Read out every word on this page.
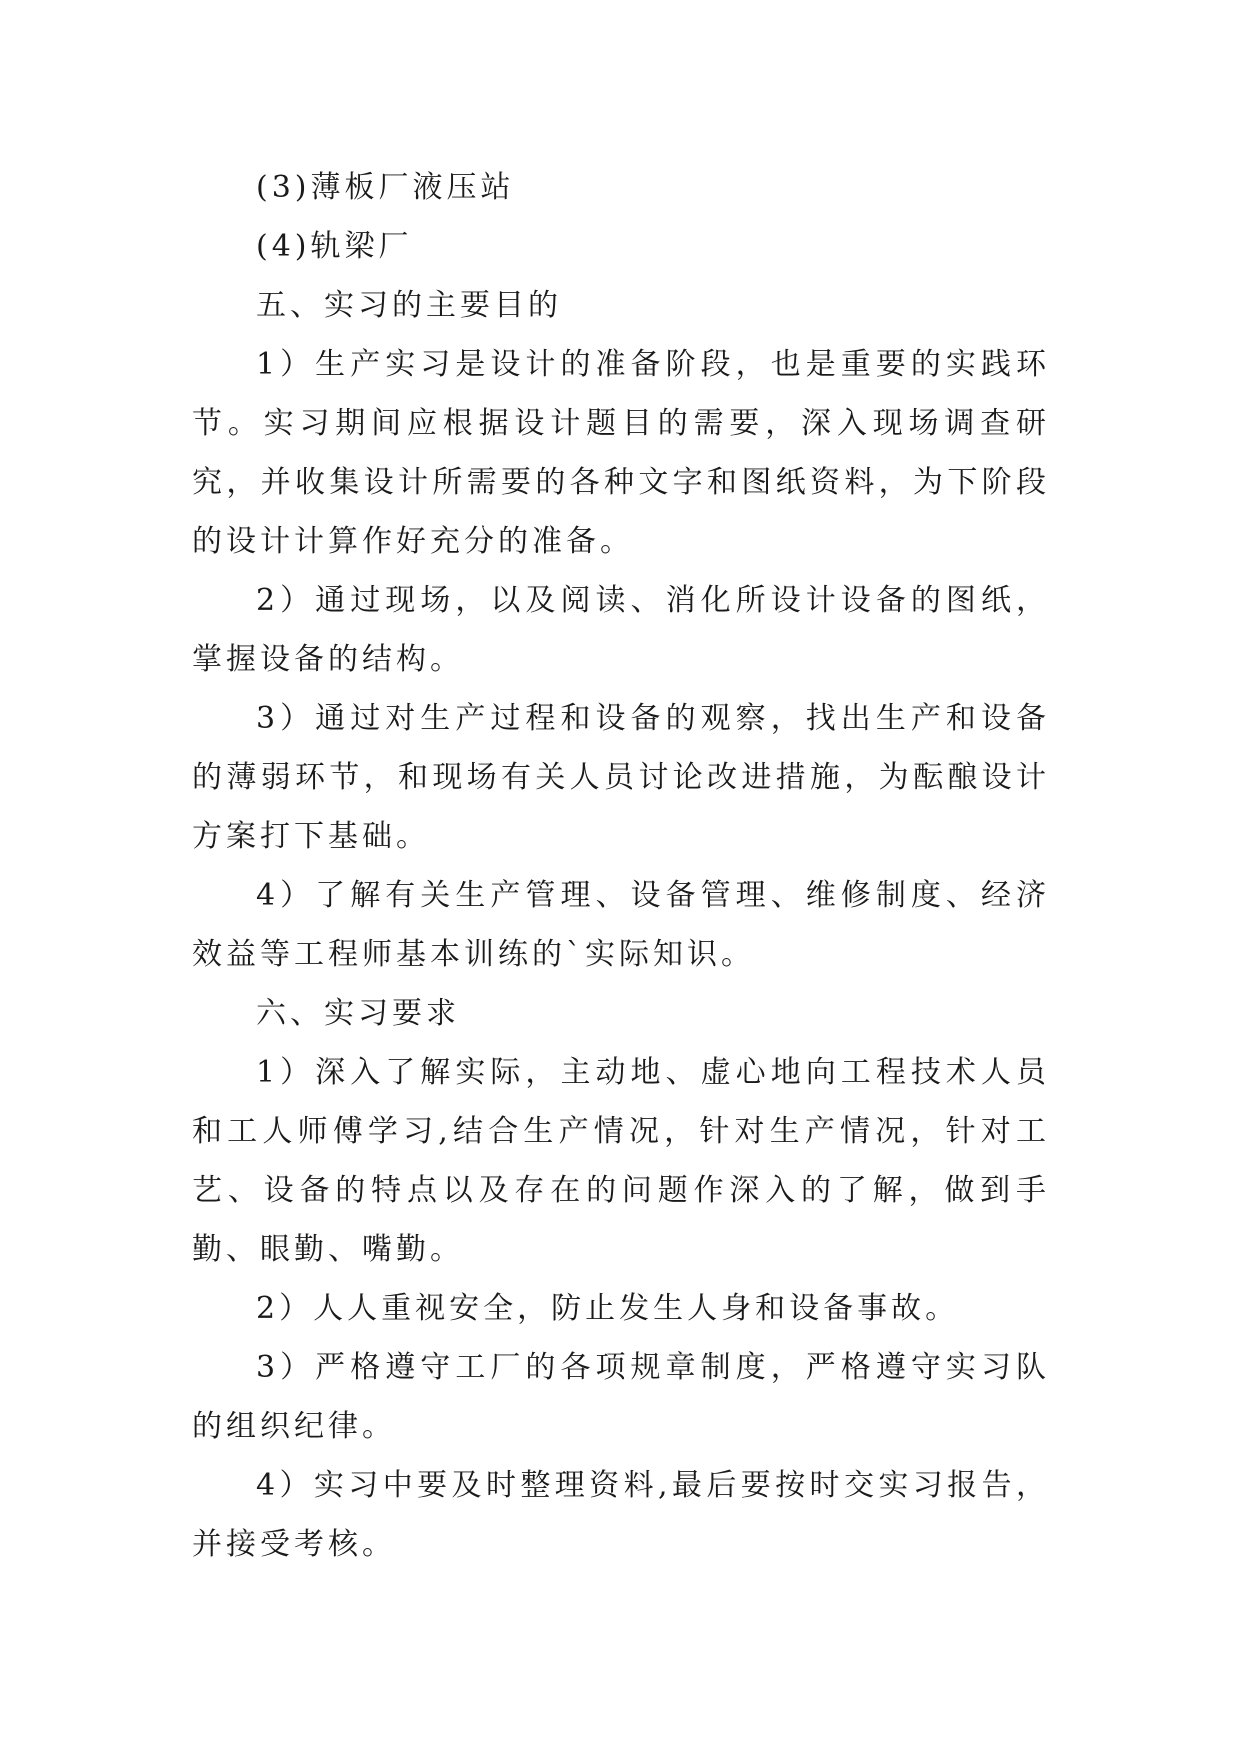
(3)薄板厂液压站

(4)轨梁厂

五、实习的主要目的

1）生产实习是设计的准备阶段，也是重要的实践环节。实习期间应根据设计题目的需要，深入现场调查研究，并收集设计所需要的各种文字和图纸资料，为下阶段的设计计算作好充分的准备。

2）通过现场，以及阅读、消化所设计设备的图纸，掌握设备的结构。

3）通过对生产过程和设备的观察，找出生产和设备的薄弱环节，和现场有关人员讨论改进措施，为酝酿设计方案打下基础。

4）了解有关生产管理、设备管理、维修制度、经济效益等工程师基本训练的`实际知识。

六、实习要求

1）深入了解实际，主动地、虚心地向工程技术人员和工人师傅学习,结合生产情况，针对生产情况，针对工艺、设备的特点以及存在的问题作深入的了解，做到手勤、眼勤、嘴勤。

2）人人重视安全，防止发生人身和设备事故。

3）严格遵守工厂的各项规章制度，严格遵守实习队的组织纪律。

4）实习中要及时整理资料,最后要按时交实习报告，并接受考核。
